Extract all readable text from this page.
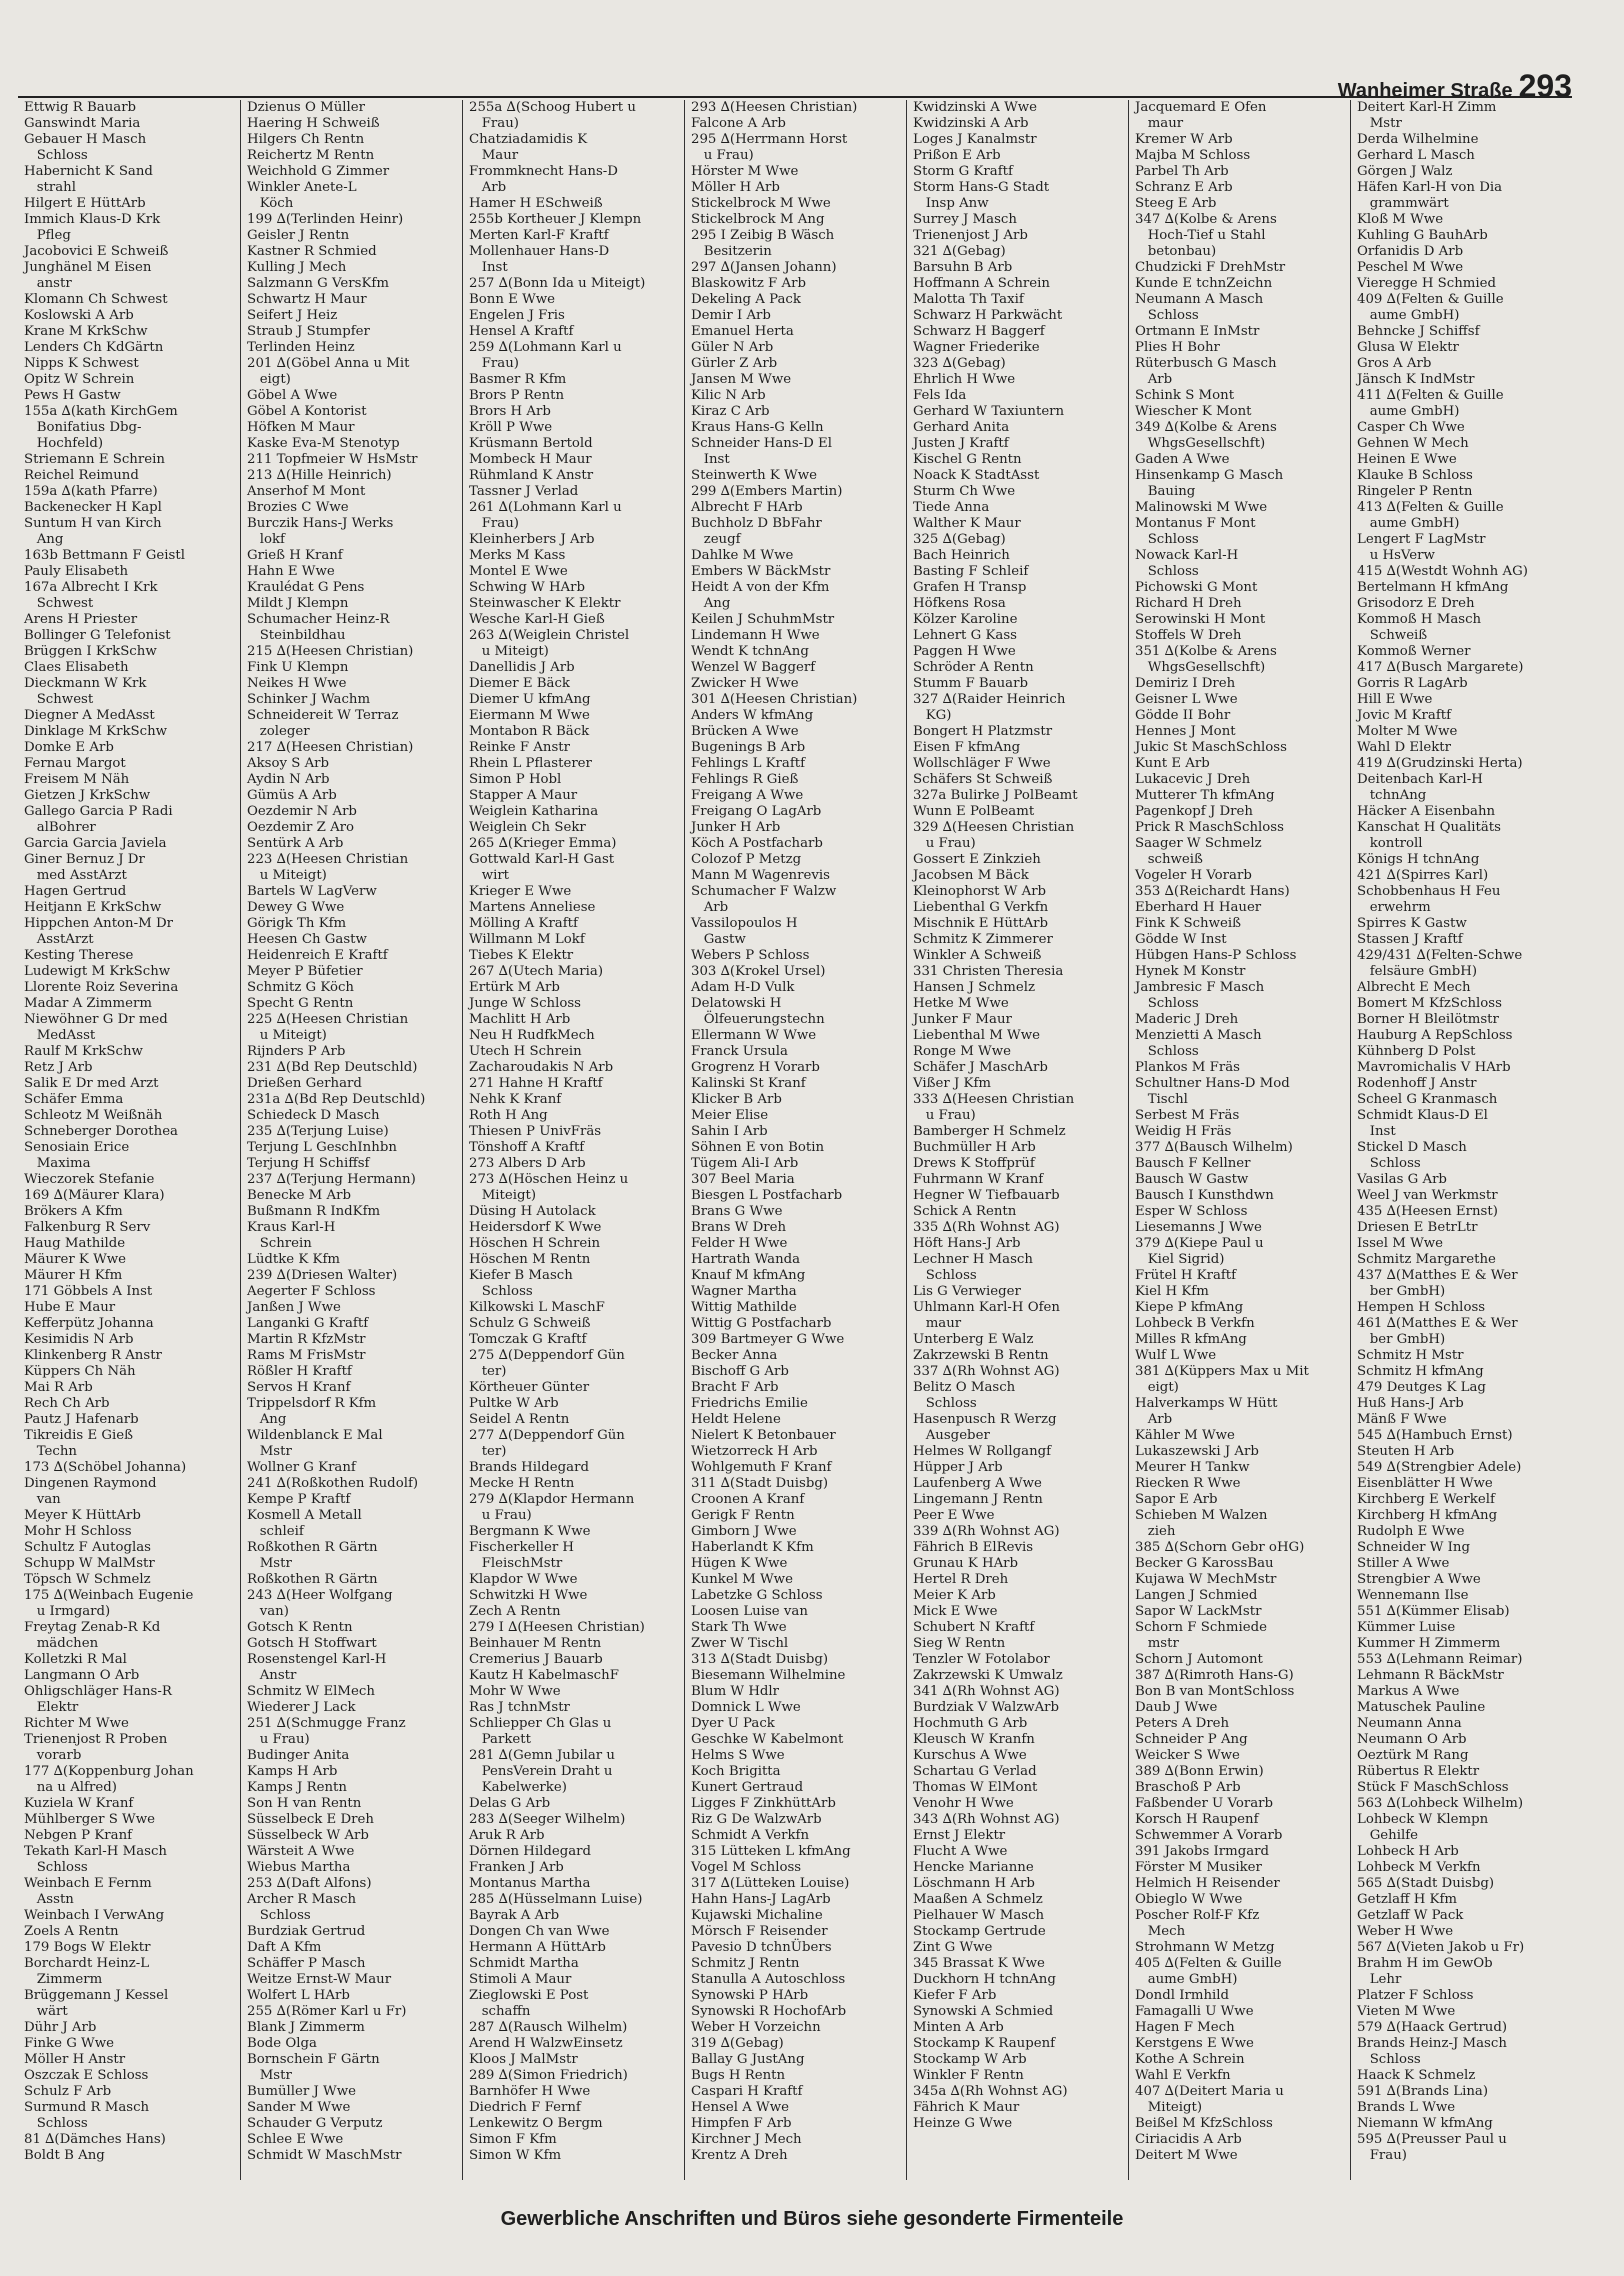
Wanheimer Straße 293
Ettwig R Bauarb
Ganswindt Maria
Gebauer H Masch
Schloss
Habernicht K Sand
strahl
Hilgert E HüttArb
Immich Klaus-D Krk
Pfleg
Jacobovici E Schweiß
Junghänel M Eisen
anstr
Klomann Ch Schwest
Koslowski A Arb
Krane M KrkSchw
Lenders Ch KdGärtn
Nipps K Schwest
Opitz W Schrein
Pews H Gastw
155a ∆(kath KirchGem
Bonifatius Dbg-
Hochfeld)
Striemann E Schrein
Reichel Reimund
159a ∆(kath Pfarre)
Backenecker H Kapl
Suntum H van Kirch
Ang
163b Bettmann F Geistl
Pauly Elisabeth
167a Albrecht I Krk
Schwest
Arens H Priester
Bollinger G Telefonist
Brüggen I KrkSchw
Claes Elisabeth
Dieckmann W Krk
Schwest
Diegner A MedAsst
Dinklage M KrkSchw
Domke E Arb
Fernau Margot
Freisem M Näh
Gietzen J KrkSchw
Gallego Garcia P Radi
alBohrer
Garcia Garcia Javiela
Giner Bernuz J Dr
med AsstArzt
Hagen Gertrud
Heitjann E KrkSchw
Hippchen Anton-M Dr
AsstArzt
Kesting Therese
Ludewigt M KrkSchw
Llorente Roiz Severina
Madar A Zimmerm
Niewöhner G Dr med
MedAsst
Raulf M KrkSchw
Retz J Arb
Salik E Dr med Arzt
Schäfer Emma
Schleotz M Weißnäh
Schneberger Dorothea
Senosiain Erice
Maxima
Wieczorek Stefanie
169 ∆(Mäurer Klara)
Brökers A Kfm
Falkenburg R Serv
Haug Mathilde
Mäurer K Wwe
Mäurer H Kfm
171 Göbbels A Inst
Hube E Maur
Kefferpütz Johanna
Kesimidis N Arb
Klinkenberg R Anstr
Küppers Ch Näh
Mai R Arb
Rech Ch Arb
Pautz J Hafenarb
Tikreidis E Gieß
Techn
173 ∆(Schöbel Johanna)
Dingenen Raymond
van
Meyer K HüttArb
Mohr H Schloss
Schultz F Autoglas
Schupp W MalMstr
Töpsch W Schmelz
175 ∆(Weinbach Eugenie
u Irmgard)
Freytag Zenab-R Kd
mädchen
Kolletzki R Mal
Langmann O Arb
Ohligschläger Hans-R
Elektr
Richter M Wwe
Trienenjost R Proben
vorarb
177 ∆(Koppenburg Johan
na u Alfred)
Kuziela W Kranf
Mühlberger S Wwe
Nebgen P Kranf
Tekath Karl-H Masch
Schloss
Weinbach E Fernm
Asstn
Weinbach I VerwAng
Zoels A Rentn
179 Bogs W Elektr
Borchardt Heinz-L
Zimmerm
Brüggemann J Kessel
wärt
Dühr J Arb
Finke G Wwe
Möller H Anstr
Oszczak E Schloss
Schulz F Arb
Surmund R Masch
Schloss
81 ∆(Dämches Hans)
Boldt B Ang
Dzienus O Müller
Haering H Schweiß
Hilgers Ch Rentn
Reichertz M Rentn
Weichhold G Zimmer
Winkler Anete-L
Köch
199 ∆(Terlinden Heinr)
Geisler J Rentn
Kastner R Schmied
Kulling J Mech
Salzmann G VersKfm
Schwartz H Maur
Seifert J Heiz
Straub J Stumpfer
Terlinden Heinz
201 ∆(Göbel Anna u Mit
eigt)
Göbel A Wwe
Göbel A Kontorist
Höfken M Maur
Kaske Eva-M Stenotyp
211 Topfmeier W HsMstr
213 ∆(Hille Heinrich)
Anserhof M Mont
Brozies C Wwe
Burczik Hans-J Werks
lokf
Grieß H Kranf
Hahn E Wwe
Kraulédat G Pens
Mildt J Klempn
Schumacher Heinz-R
Steinbildhau
215 ∆(Heesen Christian)
Fink U Klempn
Neikes H Wwe
Schinker J Wachm
Schneidereit W Terraz
zoleger
217 ∆(Heesen Christian)
Aksoy S Arb
Aydin N Arb
Gümüs A Arb
Oezdemir N Arb
Oezdemir Z Aro
Sentürk A Arb
223 ∆(Heesen Christian
u Miteigt)
Bartels W LagVerw
Dewey G Wwe
Görigk Th Kfm
Heesen Ch Gastw
Heidenreich E Kraftf
Meyer P Büfetier
Schmitz G Köch
Specht G Rentn
225 ∆(Heesen Christian
u Miteigt)
Rijnders P Arb
231 ∆(Bd Rep Deutschld)
Drießen Gerhard
231a ∆(Bd Rep Deutschld)
Schiedeck D Masch
235 ∆(Terjung Luise)
Terjung L GeschInhbn
Terjung H Schiffsf
237 ∆(Terjung Hermann)
Benecke M Arb
Bußmann R IndKfm
Kraus Karl-H
Schrein
Lüdtke K Kfm
239 ∆(Driesen Walter)
Aegerter F Schloss
Janßen J Wwe
Langanki G Kraftf
Martin R KfzMstr
Rams M FrisMstr
Rößler H Kraftf
Servos H Kranf
Trippelsdorf R Kfm
Ang
Wildenblanck E Mal
Mstr
Wollner G Kranf
241 ∆(Roßkothen Rudolf)
Kempe P Kraftf
Kosmell A Metall
schleif
Roßkothen R Gärtn
Mstr
Roßkothen R Gärtn
243 ∆(Heer Wolfgang
van)
Gotsch K Rentn
Gotsch H Stoffwart
Rosenstengel Karl-H
Anstr
Schmitz W ElMech
Wiederer J Lack
251 ∆(Schmugge Franz
u Frau)
Budinger Anita
Kamps H Arb
Kamps J Rentn
Son H van Rentn
Süsselbeck E Dreh
Süsselbeck W Arb
Wärsteit A Wwe
Wiebus Martha
253 ∆(Daft Alfons)
Archer R Masch
Schloss
Burdziak Gertrud
Daft A Kfm
Schäffer P Masch
Weitze Ernst-W Maur
Wolfert L HArb
255 ∆(Römer Karl u Fr)
Blank J Zimmerm
Bode Olga
Bornschein F Gärtn
Mstr
Bumüller J Wwe
Sander M Wwe
Schauder G Verputz
Schlee E Wwe
Schmidt W MaschMstr
255a ∆(Schoog Hubert u
Frau)
Chatziadamidis K
Maur
Frommknecht Hans-D
Arb
Hamer H ESchweiß
255b Kortheuer J Klempn
Merten Karl-F Kraftf
Mollenhauer Hans-D
Inst
257 ∆(Bonn Ida u Miteigt)
Bonn E Wwe
Engelen J Fris
Hensel A Kraftf
259 ∆(Lohmann Karl u
Frau)
Basmer R Kfm
Brors P Rentn
Brors H Arb
Kröll P Wwe
Krüsmann Bertold
Mombeck H Maur
Rühmland K Anstr
Tassner J Verlad
261 ∆(Lohmann Karl u
Frau)
Kleinherbers J Arb
Merks M Kass
Montel E Wwe
Schwing W HArb
Steinwascher K Elektr
Wesche Karl-H Gieß
263 ∆(Weiglein Christel
u Miteigt)
Danellidis J Arb
Diemer E Bäck
Diemer U kfmAng
Eiermann M Wwe
Montabon R Bäck
Reinke F Anstr
Rhein L Pflasterer
Simon P Hobl
Stapper A Maur
Weiglein Katharina
Weiglein Ch Sekr
265 ∆(Krieger Emma)
Gottwald Karl-H Gast
wirt
Krieger E Wwe
Martens Anneliese
Mölling A Kraftf
Willmann M Lokf
Tiebes K Elektr
267 ∆(Utech Maria)
Ertürk M Arb
Junge W Schloss
Machlitt H Arb
Neu H RudfkMech
Utech H Schrein
Zacharoudakis N Arb
271 Hahne H Kraftf
Nehk K Kranf
Roth H Ang
Thiesen P UnivFräs
Tönshoff A Kraftf
273 Albers D Arb
273 ∆(Höschen Heinz u
Miteigt)
Düsing H Autolack
Heidersdorf K Wwe
Höschen H Schrein
Höschen M Rentn
Kiefer B Masch
Schloss
Kilkowski L MaschF
Schulz G Schweiß
Tomczak G Kraftf
275 ∆(Deppendorf Gün
ter)
Körtheuer Günter
Pultke W Arb
Seidel A Rentn
277 ∆(Deppendorf Gün
ter)
Brands Hildegard
Mecke H Rentn
279 ∆(Klapdor Hermann
u Frau)
Bergmann K Wwe
Fischerkeller H
FleischMstr
Klapdor W Wwe
Schwitzki H Wwe
Zech A Rentn
279 I ∆(Heesen Christian)
Beinhauer M Rentn
Cremerius J Bauarb
Kautz H KabelmaschF
Mohr W Wwe
Ras J tchnMstr
Schliepper Ch Glas u
Parkett
281 ∆(Gemn Jubilar u
PensVerein Draht u
Kabelwerke)
Delas G Arb
283 ∆(Seeger Wilhelm)
Aruk R Arb
Dörnen Hildegard
Franken J Arb
Montanus Martha
285 ∆(Hüsselmann Luise)
Bayrak A Arb
Dongen Ch van Wwe
Hermann A HüttArb
Schmidt Martha
Stimoli A Maur
Zieglowski E Post
schaffn
287 ∆(Rausch Wilhelm)
Arend H WalzwEinsetz
Kloos J MalMstr
289 ∆(Simon Friedrich)
Barnhöfer H Wwe
Diedrich F Fernf
Lenkewitz O Bergm
Simon F Kfm
Simon W Kfm
293 ∆(Heesen Christian)
Falcone A Arb
295 ∆(Herrmann Horst
u Frau)
Hörster M Wwe
Möller H Arb
Stickelbrock M Wwe
Stickelbrock M Ang
295 I Zeibig B Wäsch
Besitzerin
297 ∆(Jansen Johann)
Blaskowitz F Arb
Dekeling A Pack
Demir I Arb
Emanuel Herta
Güler N Arb
Gürler Z Arb
Jansen M Wwe
Kilic N Arb
Kiraz C Arb
Kraus Hans-G Kelln
Schneider Hans-D El
Inst
Steinwerth K Wwe
299 ∆(Embers Martin)
Albrecht F HArb
Buchholz D BbFahr
zeugf
Dahlke M Wwe
Embers W BäckMstr
Heidt A von der Kfm
Ang
Keilen J SchuhmMstr
Lindemann H Wwe
Wendt K tchnAng
Wenzel W Baggerf
Zwicker H Wwe
301 ∆(Heesen Christian)
Anders W kfmAng
Brücken A Wwe
Bugenings B Arb
Fehlings L Kraftf
Fehlings R Gieß
Freigang A Wwe
Freigang O LagArb
Junker H Arb
Köch A Postfacharb
Colozof P Metzg
Mann M Wagenrevis
Schumacher F Walzw
Arb
Vassilopoulos H
Gastw
Webers P Schloss
303 ∆(Krokel Ursel)
Adam H-D Vulk
Delatowski H
Ölfeuerungstechn
Ellermann W Wwe
Franck Ursula
Grogrenz H Vorarb
Kalinski St Kranf
Klicker B Arb
Meier Elise
Sahin I Arb
Söhnen E von Botin
Tügem Ali-I Arb
307 Beel Maria
Biesgen L Postfacharb
Brans G Wwe
Brans W Dreh
Felder H Wwe
Hartrath Wanda
Knauf M kfmAng
Wagner Martha
Wittig Mathilde
Wittig G Postfacharb
309 Bartmeyer G Wwe
Becker Anna
Bischoff G Arb
Bracht F Arb
Friedrichs Emilie
Heldt Helene
Nielert K Betonbauer
Wietzorreck H Arb
Wohlgemuth F Kranf
311 ∆(Stadt Duisbg)
Croonen A Kranf
Gerigk F Rentn
Gimborn J Wwe
Haberlandt K Kfm
Hügen K Wwe
Kunkel M Wwe
Labetzke G Schloss
Loosen Luise van
Stark Th Wwe
Zwer W Tischl
313 ∆(Stadt Duisbg)
Biesemann Wilhelmine
Blum W Hdlr
Domnick L Wwe
Dyer U Pack
Geschke W Kabelmont
Helms S Wwe
Koch Brigitta
Kunert Gertraud
Ligges F ZinkhüttArb
Riz G De WalzwArb
Schmidt A Verkfn
315 Lütteken L kfmAng
Vogel M Schloss
317 ∆(Lütteken Louise)
Hahn Hans-J LagArb
Kujawski Michaline
Mörsch F Reisender
Pavesio D tchnÜbers
Schmitz J Rentn
Stanulla A Autoschloss
Synowski P HArb
Synowski R HochofArb
Weber H Vorzeichn
319 ∆(Gebag)
Ballay G JustAng
Bugs H Rentn
Caspari H Kraftf
Hensel A Wwe
Himpfen F Arb
Kirchner J Mech
Krentz A Dreh
Kwidzinski A Wwe
Kwidzinski A Arb
Loges J Kanalmstr
Prißon E Arb
Storm G Kraftf
Storm Hans-G Stadt
Insp Anw
Surrey J Masch
Trienenjost J Arb
321 ∆(Gebag)
Barsuhn B Arb
Hoffmann A Schrein
Malotta Th Taxif
Schwarz H Parkwächt
Schwarz H Baggerf
Wagner Friederike
323 ∆(Gebag)
Ehrlich H Wwe
Fels Ida
Gerhard W Taxiuntern
Gerhard Anita
Justen J Kraftf
Kischel G Rentn
Noack K StadtAsst
Sturm Ch Wwe
Tiede Anna
Walther K Maur
325 ∆(Gebag)
Bach Heinrich
Basting F Schleif
Grafen H Transp
Höfkens Rosa
Kölzer Karoline
Lehnert G Kass
Paggen H Wwe
Schröder A Rentn
Stumm F Bauarb
327 ∆(Raider Heinrich
KG)
Bongert H Platzmstr
Eisen F kfmAng
Wollschläger F Wwe
Schäfers St Schweiß
327a Bulirke J PolBeamt
Wunn E PolBeamt
329 ∆(Heesen Christian
u Frau)
Gossert E Zinkzieh
Jacobsen M Bäck
Kleinophorst W Arb
Liebenthal G Verkfn
Mischnik E HüttArb
Schmitz K Zimmerer
Winkler A Schweiß
331 Christen Theresia
Hansen J Schmelz
Hetke M Wwe
Junker F Maur
Liebenthal M Wwe
Ronge M Wwe
Schäfer J MaschArb
Vißer J Kfm
333 ∆(Heesen Christian
u Frau)
Bamberger H Schmelz
Buchmüller H Arb
Drews K Stoffprüf
Fuhrmann W Kranf
Hegner W Tiefbauarb
Schick A Rentn
335 ∆(Rh Wohnst AG)
Höft Hans-J Arb
Lechner H Masch
Schloss
Lis G Verwieger
Uhlmann Karl-H Ofen
maur
Unterberg E Walz
Zakrzewski B Rentn
337 ∆(Rh Wohnst AG)
Belitz O Masch
Schloss
Hasenpusch R Werzg
Ausgeber
Helmes W Rollgangf
Hüpper J Arb
Laufenberg A Wwe
Lingemann J Rentn
Peer E Wwe
339 ∆(Rh Wohnst AG)
Fährich B ElRevis
Grunau K HArb
Hertel R Dreh
Meier K Arb
Mick E Wwe
Schubert N Kraftf
Sieg W Rentn
Tenzler W Fotolabor
Zakrzewski K Umwalz
341 ∆(Rh Wohnst AG)
Burdziak V WalzwArb
Hochmuth G Arb
Kleusch W Kranfn
Kurschus A Wwe
Schartau G Verlad
Thomas W ElMont
Venohr H Wwe
343 ∆(Rh Wohnst AG)
Ernst J Elektr
Flucht A Wwe
Hencke Marianne
Löschmann H Arb
Maaßen A Schmelz
Pielhauer W Masch
Stockamp Gertrude
Zint G Wwe
345 Brassat K Wwe
Duckhorn H tchnAng
Kiefer F Arb
Synowski A Schmied
Minten A Arb
Stockamp K Raupenf
Stockamp W Arb
Winkler F Rentn
345a ∆(Rh Wohnst AG)
Fährich K Maur
Heinze G Wwe
Jacquemard E Ofen
maur
Kremer W Arb
Majba M Schloss
Parbel Th Arb
Schranz E Arb
Steeg E Arb
347 ∆(Kolbe & Arens
Hoch-Tief u Stahl
betonbau)
Chudzicki F DrehMstr
Kunde E tchnZeichn
Neumann A Masch
Schloss
Ortmann E InMstr
Plies H Bohr
Rüterbusch G Masch
Arb
Schink S Mont
Wiescher K Mont
349 ∆(Kolbe & Arens
WhgsGesellschft)
Gaden A Wwe
Hinsenkamp G Masch
Bauing
Malinowski M Wwe
Montanus F Mont
Schloss
Nowack Karl-H
Schloss
Pichowski G Mont
Richard H Dreh
Serowinski H Mont
Stoffels W Dreh
351 ∆(Kolbe & Arens
WhgsGesellschft)
Demiriz I Dreh
Geisner L Wwe
Gödde II Bohr
Hennes J Mont
Jukic St MaschSchloss
Kunt E Arb
Lukacevic J Dreh
Mutterer Th kfmAng
Pagenkopf J Dreh
Prick R MaschSchloss
Saager W Schmelz
schweiß
Vogeler H Vorarb
353 ∆(Reichardt Hans)
Eberhard H Hauer
Fink K Schweiß
Gödde W Inst
Hübgen Hans-P Schloss
Hynek M Konstr
Jambresic F Masch
Schloss
Maderic J Dreh
Menzietti A Masch
Schloss
Plankos M Fräs
Schultner Hans-D Mod
Tischl
Serbest M Fräs
Weidig H Fräs
377 ∆(Bausch Wilhelm)
Bausch F Kellner
Bausch W Gastw
Bausch I Kunsthdwn
Esper W Schloss
Liesemanns J Wwe
379 ∆(Kiepe Paul u
Kiel Sigrid)
Frütel H Kraftf
Kiel H Kfm
Kiepe P kfmAng
Lohbeck B Verkfn
Milles R kfmAng
Wulf L Wwe
381 ∆(Küppers Max u Mit
eigt)
Halverkamps W Hütt
Arb
Kähler M Wwe
Lukaszewski J Arb
Meurer H Tankw
Riecken R Wwe
Sapor E Arb
Schieben M Walzen
zieh
385 ∆(Schorn Gebr oHG)
Becker G KarossBau
Kujawa W MechMstr
Langen J Schmied
Sapor W LackMstr
Schorn F Schmiede
mstr
Schorn J Automont
387 ∆(Rimroth Hans-G)
Bon B van MontSchloss
Daub J Wwe
Peters A Dreh
Schneider P Ang
Weicker S Wwe
389 ∆(Bonn Erwin)
Braschoß P Arb
Faßbender U Vorarb
Korsch H Raupenf
Schwemmer A Vorarb
391 Jakobs Irmgard
Förster M Musiker
Helmich H Reisender
Obieglo W Wwe
Poscher Rolf-F Kfz
Mech
Strohmann W Metzg
405 ∆(Felten & Guille
aume GmbH)
Dondl Irmhild
Famagalli U Wwe
Hagen F Mech
Kerstgens E Wwe
Kothe A Schrein
Wahl E Verkfn
407 ∆(Deitert Maria u
Miteigt)
Beißel M KfzSchloss
Ciriacidis A Arb
Deitert M Wwe
Deitert Karl-H Zimm
Mstr
Derda Wilhelmine
Gerhard L Masch
Görgen J Walz
Häfen Karl-H von Dia
grammwärt
Kloß M Wwe
Kuhling G BauhArb
Orfanidis D Arb
Peschel M Wwe
Vieregge H Schmied
409 ∆(Felten & Guille
aume GmbH)
Behncke J Schiffsf
Glusa W Elektr
Gros A Arb
Jänsch K IndMstr
411 ∆(Felten & Guille
aume GmbH)
Casper Ch Wwe
Gehnen W Mech
Heinen E Wwe
Klauke B Schloss
Ringeler P Rentn
413 ∆(Felten & Guille
aume GmbH)
Lengert F LagMstr
u HsVerw
415 ∆(Westdt Wohnh AG)
Bertelmann H kfmAng
Grisodorz E Dreh
Kommoß H Masch
Schweiß
Kommoß Werner
417 ∆(Busch Margarete)
Gorris R LagArb
Hill E Wwe
Jovic M Kraftf
Molter M Wwe
Wahl D Elektr
419 ∆(Grudzinski Herta)
Deitenbach Karl-H
tchnAng
Häcker A Eisenbahn
Kanschat H Qualitäts
kontroll
Königs H tchnAng
421 ∆(Spirres Karl)
Schobbenhaus H Feu
erwehrm
Spirres K Gastw
Stassen J Kraftf
429/431 ∆(Felten-Schwe
felsäure GmbH)
Albrecht E Mech
Bomert M KfzSchloss
Borner H Bleilötmstr
Hauburg A RepSchloss
Kühnberg D Polst
Mavromichalis V HArb
Rodenhoff J Anstr
Scheel G Kranmasch
Schmidt Klaus-D El
Inst
Stickel D Masch
Schloss
Vasilas G Arb
Weel J van Werkmstr
435 ∆(Heesen Ernst)
Driesen E BetrLtr
Issel M Wwe
Schmitz Margarethe
437 ∆(Matthes E & Wer
ber GmbH)
Hempen H Schloss
461 ∆(Matthes E & Wer
ber GmbH)
Schmitz H Mstr
Schmitz H kfmAng
479 Deutges K Lag
Huß Hans-J Arb
Mänß F Wwe
545 ∆(Hambuch Ernst)
Steuten H Arb
549 ∆(Strengbier Adele)
Eisenblätter H Wwe
Kirchberg E Werkelf
Kirchberg H kfmAng
Rudolph E Wwe
Schneider W Ing
Stiller A Wwe
Strengbier A Wwe
Wennemann Ilse
551 ∆(Kümmer Elisab)
Kümmer Luise
Kummer H Zimmerm
553 ∆(Lehmann Reimar)
Lehmann R BäckMstr
Markus A Wwe
Matuschek Pauline
Neumann Anna
Neumann O Arb
Oeztürk M Rang
Rübertus R Elektr
Stück F MaschSchloss
563 ∆(Lohbeck Wilhelm)
Lohbeck W Klempn
Gehilfe
Lohbeck H Arb
Lohbeck M Verkfn
565 ∆(Stadt Duisbg)
Getzlaff H Kfm
Getzlaff W Pack
Weber H Wwe
567 ∆(Vieten Jakob u Fr)
Brahm H im GewOb
Lehr
Platzer F Schloss
Vieten M Wwe
579 ∆(Haack Gertrud)
Brands Heinz-J Masch
Schloss
Haack K Schmelz
591 ∆(Brands Lina)
Brands L Wwe
Niemann W kfmAng
595 ∆(Preusser Paul u
Frau)
Gewerbliche Anschriften und Büros siehe gesonderte Firmenteile
